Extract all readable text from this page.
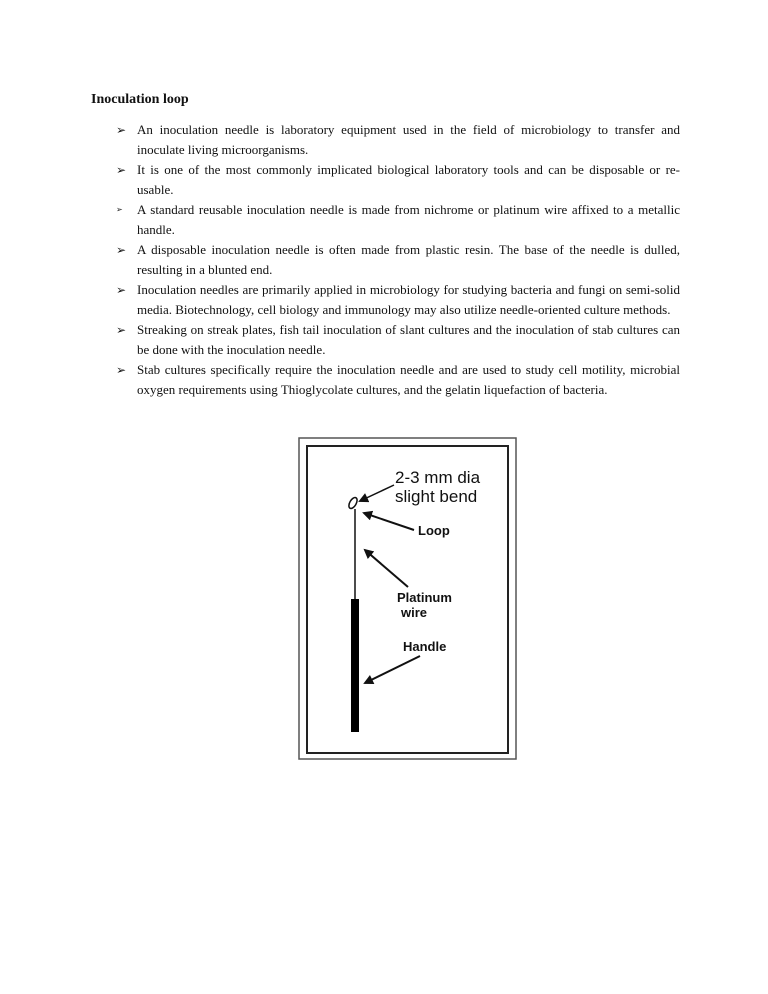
Inoculation loop
➢ An inoculation needle is laboratory equipment used in the field of microbiology to transfer and inoculate living microorganisms.
➢ It is one of the most commonly implicated biological laboratory tools and can be disposable or re-usable.
➢	A standard reusable inoculation needle is made from nichrome or platinum wire affixed to a metallic handle.
➢ A disposable inoculation needle is often made from plastic resin. The base of the needle is dulled, resulting in a blunted end.
➢ Inoculation needles are primarily applied in microbiology for studying bacteria and fungi on semi-solid media. Biotechnology, cell biology and immunology may also utilize needle-oriented culture methods.
➢ Streaking on streak plates, fish tail inoculation of slant cultures and the inoculation of stab cultures can be done with the inoculation needle.
➢ Stab cultures specifically require the inoculation needle and are used to study cell motility, microbial oxygen requirements using Thioglycolate cultures, and the gelatin liquefaction of bacteria.
2-3 mm dia
slight bend
Loop
Platinum
wire
Handle
